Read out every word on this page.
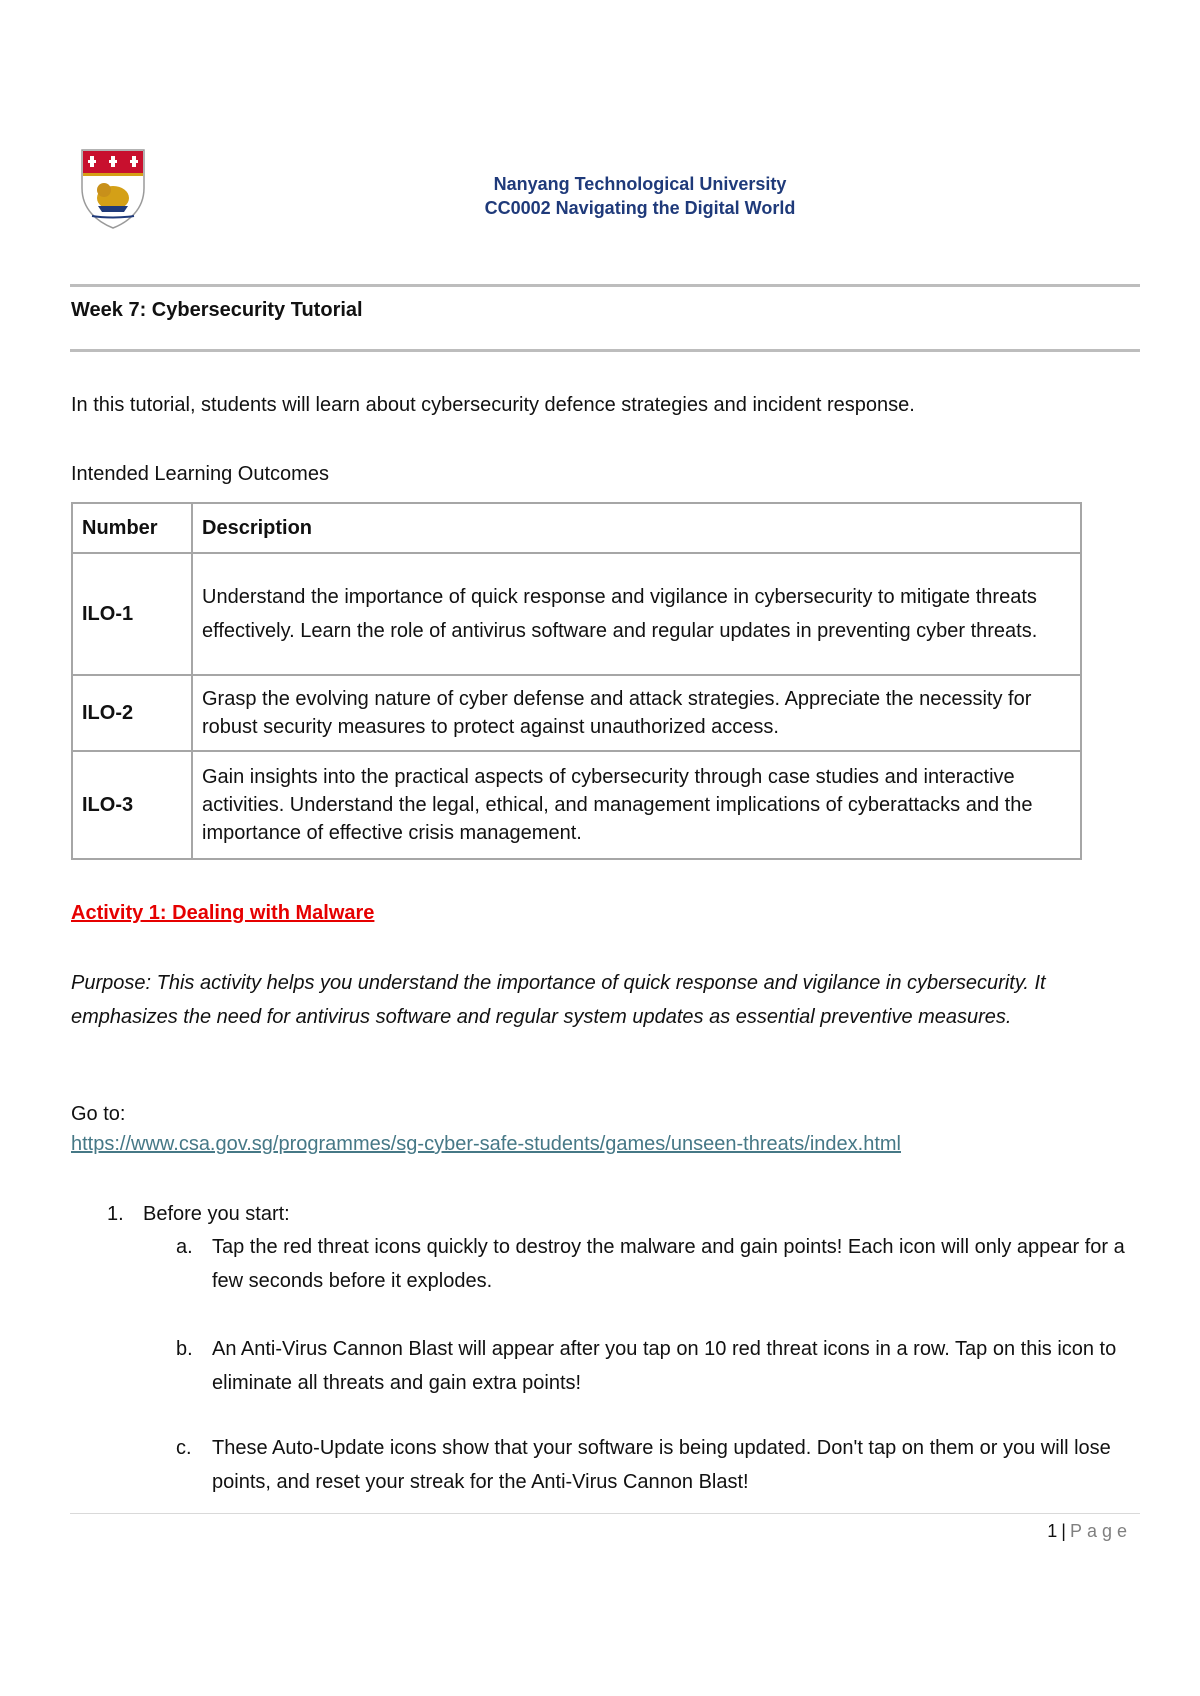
Nanyang Technological University
CC0002 Navigating the Digital World
Week 7: Cybersecurity Tutorial
In this tutorial, students will learn about cybersecurity defence strategies and incident response.
Intended Learning Outcomes
Number	Description
ILO-1	Understand the importance of quick response and vigilance in cybersecurity to mitigate threats effectively. Learn the role of antivirus software and regular updates in preventing cyber threats.
ILO-2	Grasp the evolving nature of cyber defense and attack strategies. Appreciate the necessity for robust security measures to protect against unauthorized access.
ILO-3	Gain insights into the practical aspects of cybersecurity through case studies and interactive activities. Understand the legal, ethical, and management implications of cyberattacks and the importance of effective crisis management.
Activity 1: Dealing with Malware
Purpose: This activity helps you understand the importance of quick response and vigilance in cybersecurity. It emphasizes the need for antivirus software and regular system updates as essential preventive measures.
Go to:
https://www.csa.gov.sg/programmes/sg-cyber-safe-students/games/unseen-threats/index.html
1. Before you start:
a. Tap the red threat icons quickly to destroy the malware and gain points! Each icon will only appear for a few seconds before it explodes.
b. An Anti-Virus Cannon Blast will appear after you tap on 10 red threat icons in a row. Tap on this icon to eliminate all threats and gain extra points!
c. These Auto-Update icons show that your software is being updated. Don't tap on them or you will lose points, and reset your streak for the Anti-Virus Cannon Blast!
1 | Page
